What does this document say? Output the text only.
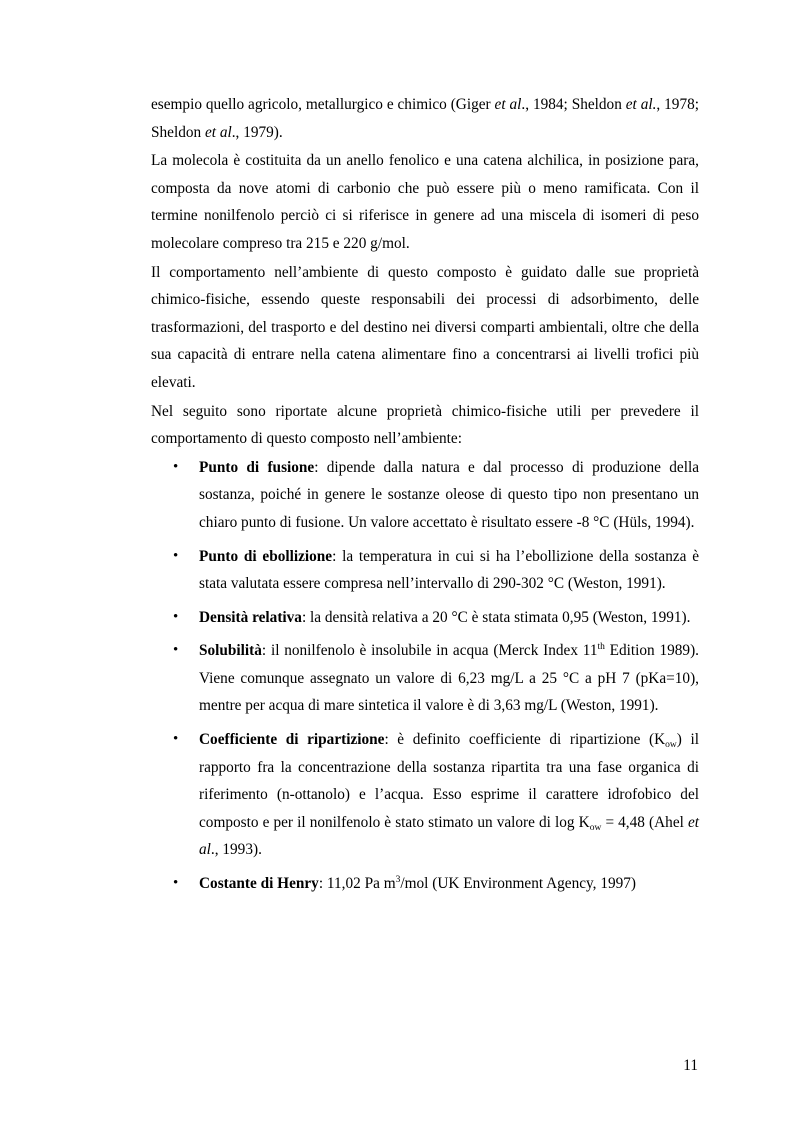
esempio quello agricolo, metallurgico e chimico (Giger et al., 1984; Sheldon et al., 1978; Sheldon et al., 1979).

La molecola è costituita da un anello fenolico e una catena alchilica, in posizione para, composta da nove atomi di carbonio che può essere più o meno ramificata. Con il termine nonilfenolo perciò ci si riferisce in genere ad una miscela di isomeri di peso molecolare compreso tra 215 e 220 g/mol.

Il comportamento nell’ambiente di questo composto è guidato dalle sue proprietà chimico-fisiche, essendo queste responsabili dei processi di adsorbimento, delle trasformazioni, del trasporto e del destino nei diversi comparti ambientali, oltre che della sua capacità di entrare nella catena alimentare fino a concentrarsi ai livelli trofici più elevati.

Nel seguito sono riportate alcune proprietà chimico-fisiche utili per prevedere il comportamento di questo composto nell’ambiente:

• Punto di fusione: dipende dalla natura e dal processo di produzione della sostanza, poiché in genere le sostanze oleose di questo tipo non presentano un chiaro punto di fusione. Un valore accettato è risultato essere -8 °C (Hüls, 1994).
• Punto di ebollizione: la temperatura in cui si ha l’ebollizione della sostanza è stata valutata essere compresa nell’intervallo di 290-302 °C (Weston, 1991).
• Densità relativa: la densità relativa a 20 °C è stata stimata 0,95 (Weston, 1991).
• Solubilità: il nonilfenolo è insolubile in acqua (Merck Index 11th Edition 1989). Viene comunque assegnato un valore di 6,23 mg/L a 25 °C a pH 7 (pKa=10), mentre per acqua di mare sintetica il valore è di 3,63 mg/L (Weston, 1991).
• Coefficiente di ripartizione: è definito coefficiente di ripartizione $(K_{ow})$ il rapporto fra la concentrazione della sostanza ripartita tra una fase organica di riferimento (n-ottanolo) e l’acqua. Esso esprime il carattere idrofobico del composto e per il nonilfenolo è stato stimato un valore di $\log K_{ow} = 4,48$ (Ahel et al., 1993).
• Costante di Henry: 11,02 Pa $m^3$/mol (UK Environment Agency, 1997)
11
